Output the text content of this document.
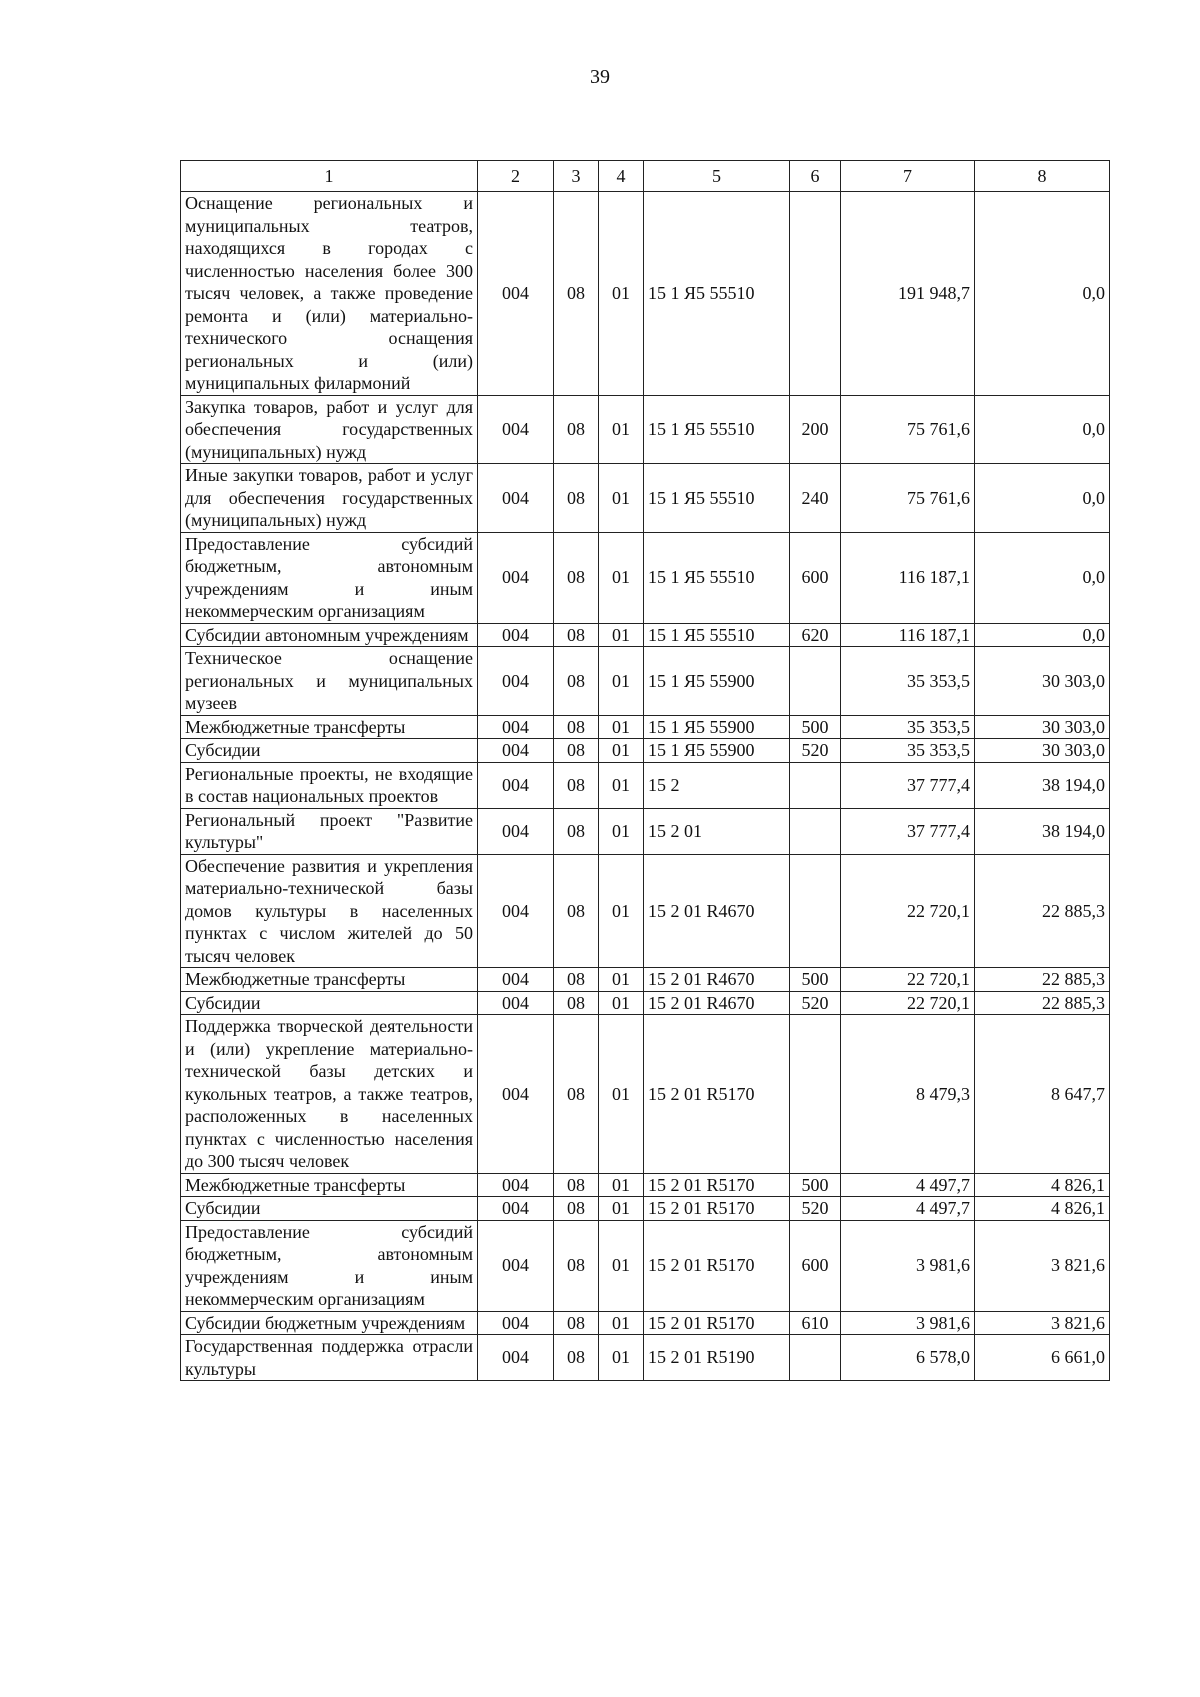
39
1	2	3	4	5	6	7	8
Оснащение региональных и муниципальных театров, находящихся в городах с численностью населения более 300 тысяч человек, а также проведение ремонта и (или) материально-технического оснащения региональных и (или) муниципальных филармоний	004	08	01	15 1 Я5 55510		191 948,7	0,0
Закупка товаров, работ и услуг для обеспечения государственных (муниципальных) нужд	004	08	01	15 1 Я5 55510	200	75 761,6	0,0
Иные закупки товаров, работ и услуг для обеспечения государственных (муниципальных) нужд	004	08	01	15 1 Я5 55510	240	75 761,6	0,0
Предоставление субсидий бюджетным, автономным учреждениям и иным некоммерческим организациям	004	08	01	15 1 Я5 55510	600	116 187,1	0,0
Субсидии автономным учреждениям	004	08	01	15 1 Я5 55510	620	116 187,1	0,0
Техническое оснащение региональных и муниципальных музеев	004	08	01	15 1 Я5 55900		35 353,5	30 303,0
Межбюджетные трансферты	004	08	01	15 1 Я5 55900	500	35 353,5	30 303,0
Субсидии	004	08	01	15 1 Я5 55900	520	35 353,5	30 303,0
Региональные проекты, не входящие в состав национальных проектов	004	08	01	15 2		37 777,4	38 194,0
Региональный проект "Развитие культуры"	004	08	01	15 2 01		37 777,4	38 194,0
Обеспечение развития и укрепления материально-технической базы домов культуры в населенных пунктах с числом жителей до 50 тысяч человек	004	08	01	15 2 01 R4670		22 720,1	22 885,3
Межбюджетные трансферты	004	08	01	15 2 01 R4670	500	22 720,1	22 885,3
Субсидии	004	08	01	15 2 01 R4670	520	22 720,1	22 885,3
Поддержка творческой деятельности и (или) укрепление материально-технической базы детских и кукольных театров, а также театров, расположенных в населенных пунктах с численностью населения до 300 тысяч человек	004	08	01	15 2 01 R5170		8 479,3	8 647,7
Межбюджетные трансферты	004	08	01	15 2 01 R5170	500	4 497,7	4 826,1
Субсидии	004	08	01	15 2 01 R5170	520	4 497,7	4 826,1
Предоставление субсидий бюджетным, автономным учреждениям и иным некоммерческим организациям	004	08	01	15 2 01 R5170	600	3 981,6	3 821,6
Субсидии бюджетным учреждениям	004	08	01	15 2 01 R5170	610	3 981,6	3 821,6
Государственная поддержка отрасли культуры	004	08	01	15 2 01 R5190		6 578,0	6 661,0
